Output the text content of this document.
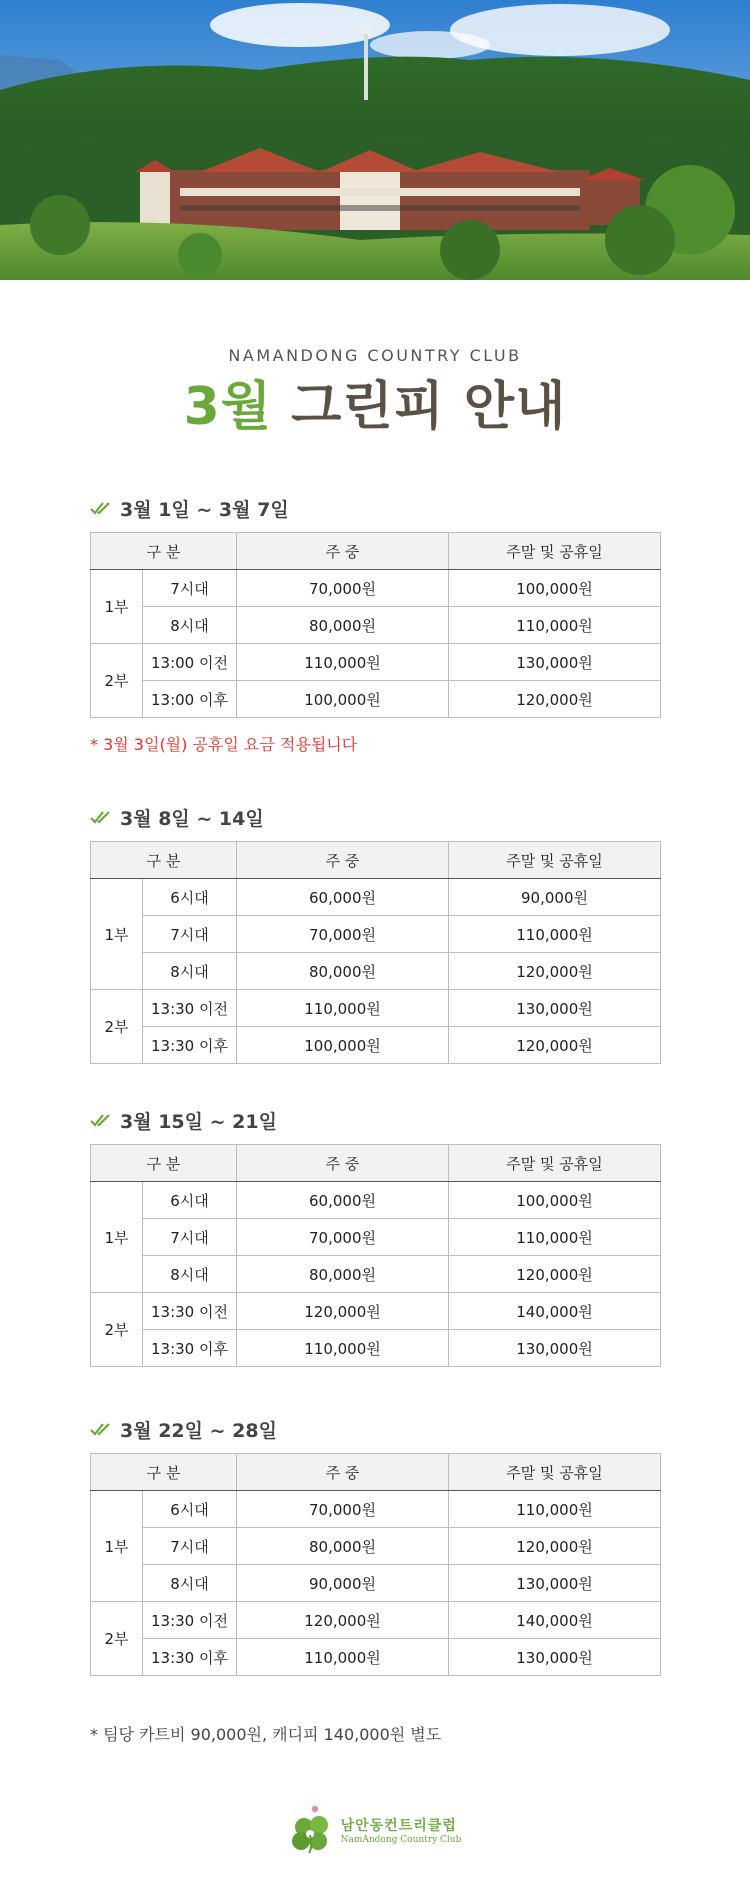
NAMANDONG COUNTRY CLUB
3월 그린피 안내
3월 1일 ~ 3월 7일
구 분		주 중	주말 및 공휴일
1부	7시대	70,000원	100,000원
	8시대	80,000원	110,000원
2부	13:00 이전	110,000원	130,000원
	13:00 이후	100,000원	120,000원
* 3월 3일(월) 공휴일 요금 적용됩니다
3월 8일 ~ 14일
구 분		주 중	주말 및 공휴일
1부	6시대	60,000원	90,000원
	7시대	70,000원	110,000원
	8시대	80,000원	120,000원
2부	13:30 이전	110,000원	130,000원
	13:30 이후	100,000원	120,000원
3월 15일 ~ 21일
구 분		주 중	주말 및 공휴일
1부	6시대	60,000원	100,000원
	7시대	70,000원	110,000원
	8시대	80,000원	120,000원
2부	13:30 이전	120,000원	140,000원
	13:30 이후	110,000원	130,000원
3월 22일 ~ 28일
구 분		주 중	주말 및 공휴일
1부	6시대	70,000원	110,000원
	7시대	80,000원	120,000원
	8시대	90,000원	130,000원
2부	13:30 이전	120,000원	140,000원
	13:30 이후	110,000원	130,000원
* 팀당 카트비 90,000원, 캐디피 140,000원 별도
남안동컨트리클럽
NamAndong Country Club
